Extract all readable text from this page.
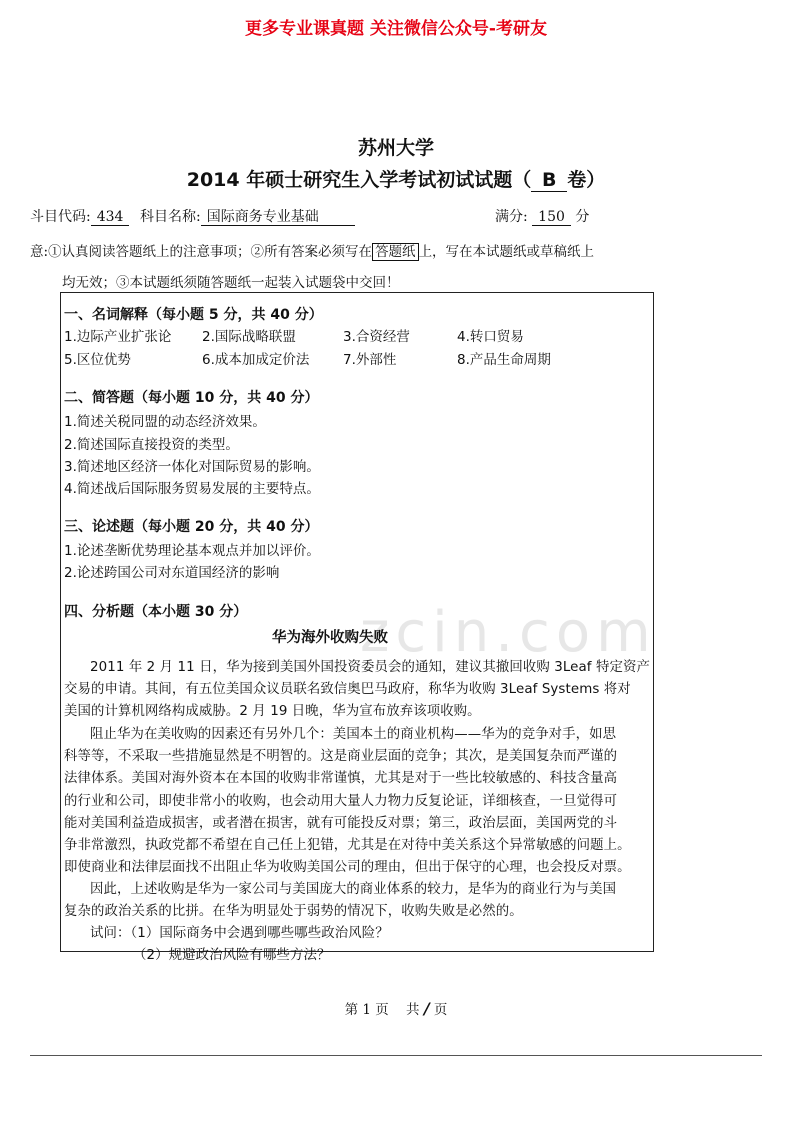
更多专业课真题 关注微信公众号-考研友
zcin.com
苏州大学
2014 年硕士研究生入学考试初试试题（ B 卷）
斗目代码: 434	科目名称: 国际商务专业基础	满分: 150 分
意:①认真阅读答题纸上的注意事项；②所有答案必须写在 答题纸 上，写在本试题纸或草稿纸上
均无效；③本试题纸须随答题纸一起装入试题袋中交回！
一、名词解释（每小题 5 分，共 40 分）
1.边际产业扩张论 2.国际战略联盟	3.合资经营	4.转口贸易
5.区位优势	6.成本加成定价法 7.外部性	8.产品生命周期
二、简答题（每小题 10 分，共 40 分）
1.简述关税同盟的动态经济效果。
2.简述国际直接投资的类型。
3.简述地区经济一体化对国际贸易的影响。
4.简述战后国际服务贸易发展的主要特点。
三、论述题（每小题 20 分，共 40 分）
1.论述垄断优势理论基本观点并加以评价。
2.论述跨国公司对东道国经济的影响
四、分析题（本小题 30 分）
华为海外收购失败
2011 年 2 月 11 日，华为接到美国外国投资委员会的通知，建议其撤回收购 3Leaf 特定资产
交易的申请。其间，有五位美国众议员联名致信奥巴马政府，称华为收购 3Leaf Systems 将对
美国的计算机网络构成威胁。2 月 19 日晚，华为宣布放弃该项收购。
阻止华为在美收购的因素还有另外几个：美国本土的商业机构——华为的竞争对手，如思
科等等，不采取一些措施显然是不明智的。这是商业层面的竞争；其次，是美国复杂而严谨的
法律体系。美国对海外资本在本国的收购非常谨慎，尤其是对于一些比较敏感的、科技含量高
的行业和公司，即使非常小的收购，也会动用大量人力物力反复论证，详细核查，一旦觉得可
能对美国利益造成损害，或者潜在损害，就有可能投反对票；第三，政治层面，美国两党的斗
争非常激烈，执政党都不希望在自己任上犯错，尤其是在对待中美关系这个异常敏感的问题上。
即使商业和法律层面找不出阻止华为收购美国公司的理由，但出于保守的心理，也会投反对票。
因此，上述收购是华为一家公司与美国庞大的商业体系的较力，是华为的商业行为与美国
复杂的政治关系的比拼。在华为明显处于弱势的情况下，收购失败是必然的。
试问：（1）国际商务中会遇到哪些哪些政治风险？
（2）规避政治风险有哪些方法？
第 1 页 共 / 页
